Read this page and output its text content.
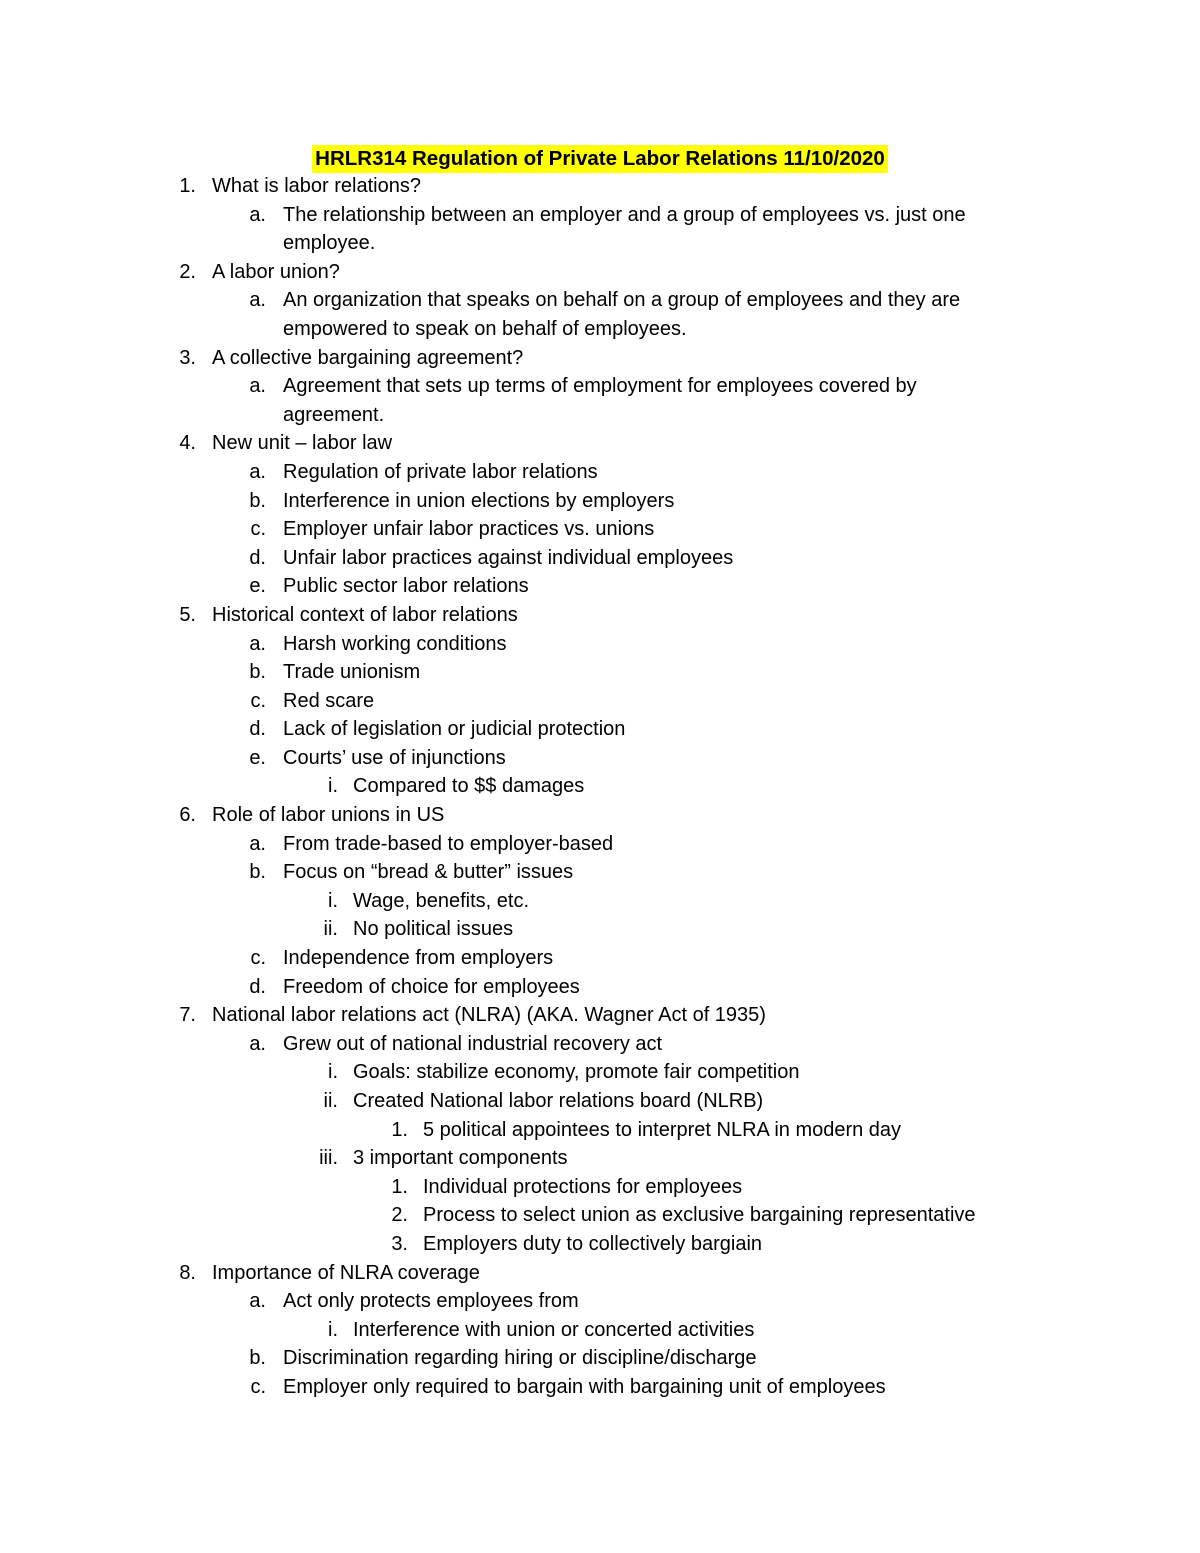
HRLR314 Regulation of Private Labor Relations 11/10/2020
1. What is labor relations?
a. The relationship between an employer and a group of employees vs. just one
employee.
2. A labor union?
a. An organization that speaks on behalf on a group of employees and they are
empowered to speak on behalf of employees.
3. A collective bargaining agreement?
a. Agreement that sets up terms of employment for employees covered by
agreement.
4. New unit – labor law
a. Regulation of private labor relations
b. Interference in union elections by employers
c. Employer unfair labor practices vs. unions
d. Unfair labor practices against individual employees
e. Public sector labor relations
5. Historical context of labor relations
a. Harsh working conditions
b. Trade unionism
c. Red scare
d. Lack of legislation or judicial protection
e. Courts’ use of injunctions
i. Compared to $$ damages
6. Role of labor unions in US
a. From trade-based to employer-based
b. Focus on “bread & butter” issues
i. Wage, benefits, etc.
ii. No political issues
c. Independence from employers
d. Freedom of choice for employees
7. National labor relations act (NLRA) (AKA. Wagner Act of 1935)
a. Grew out of national industrial recovery act
i. Goals: stabilize economy, promote fair competition
ii. Created National labor relations board (NLRB)
1. 5 political appointees to interpret NLRA in modern day
iii. 3 important components
1. Individual protections for employees
2. Process to select union as exclusive bargaining representative
3. Employers duty to collectively bargiain
8. Importance of NLRA coverage
a. Act only protects employees from
i. Interference with union or concerted activities
b. Discrimination regarding hiring or discipline/discharge
c. Employer only required to bargain with bargaining unit of employees
